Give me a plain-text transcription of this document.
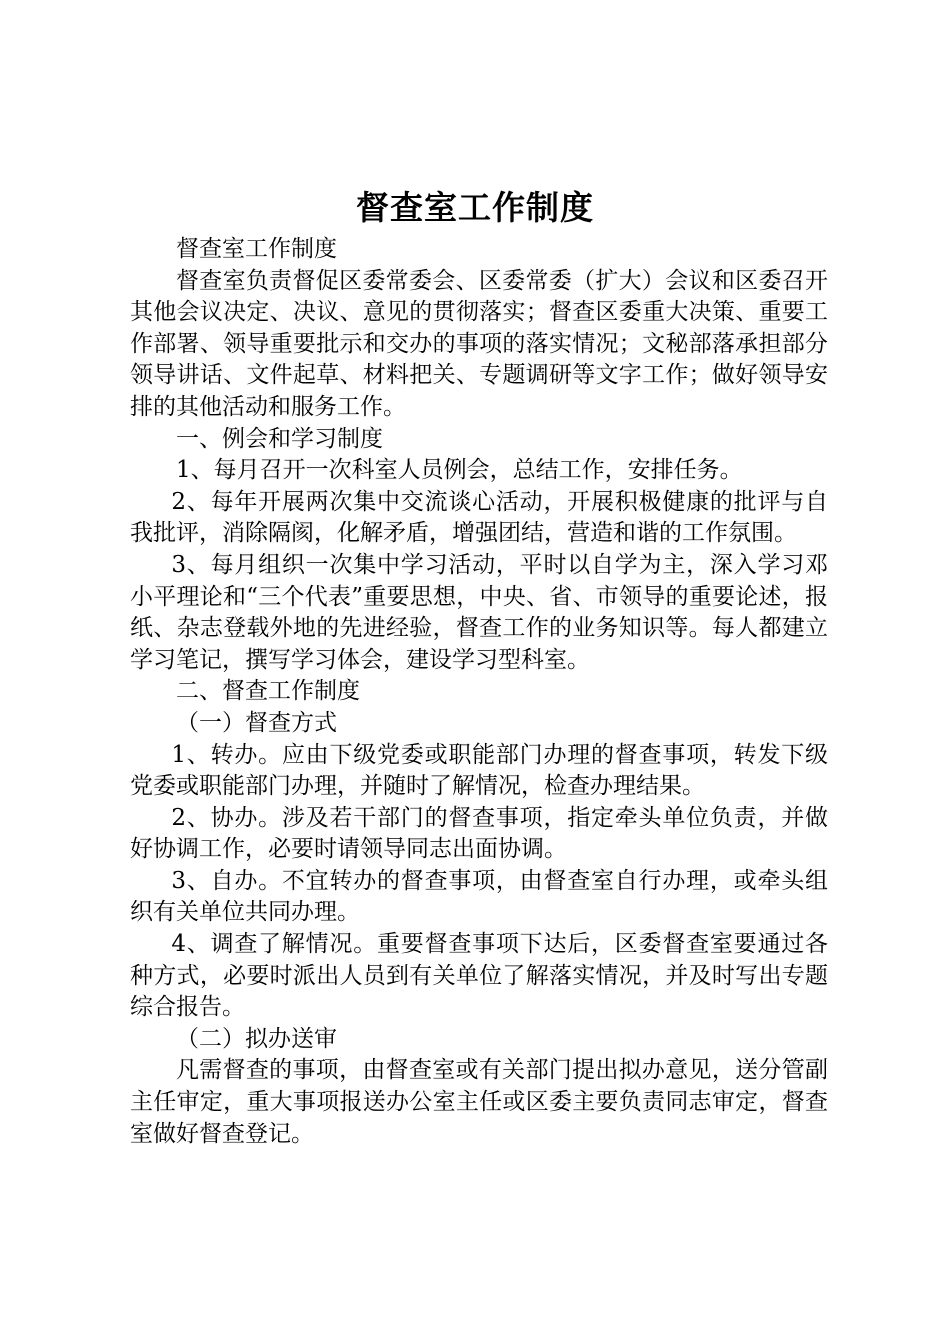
督查室工作制度

督查室工作制度

督查室负责督促区委常委会、区委常委（扩大）会议和区委召开其他会议决定、决议、意见的贯彻落实；督查区委重大决策、重要工作部署、领导重要批示和交办的事项的落实情况；文秘部落承担部分领导讲话、文件起草、材料把关、专题调研等文字工作；做好领导安排的其他活动和服务工作。

一、例会和学习制度

1、每月召开一次科室人员例会，总结工作，安排任务。

2、每年开展两次集中交流谈心活动，开展积极健康的批评与自我批评，消除隔阂，化解矛盾，增强团结，营造和谐的工作氛围。

3、每月组织一次集中学习活动，平时以自学为主，深入学习邓小平理论和“三个代表”重要思想，中央、省、市领导的重要论述，报纸、杂志登载外地的先进经验，督查工作的业务知识等。每人都建立学习笔记，撰写学习体会，建设学习型科室。

二、督查工作制度

（一）督查方式

1、转办。应由下级党委或职能部门办理的督查事项，转发下级党委或职能部门办理，并随时了解情况，检查办理结果。

2、协办。涉及若干部门的督查事项，指定牵头单位负责，并做好协调工作，必要时请领导同志出面协调。

3、自办。不宜转办的督查事项，由督查室自行办理，或牵头组织有关单位共同办理。

4、调查了解情况。重要督查事项下达后，区委督查室要通过各种方式，必要时派出人员到有关单位了解落实情况，并及时写出专题综合报告。

（二）拟办送审

凡需督查的事项，由督查室或有关部门提出拟办意见，送分管副主任审定，重大事项报送办公室主任或区委主要负责同志审定，督查室做好督查登记。
